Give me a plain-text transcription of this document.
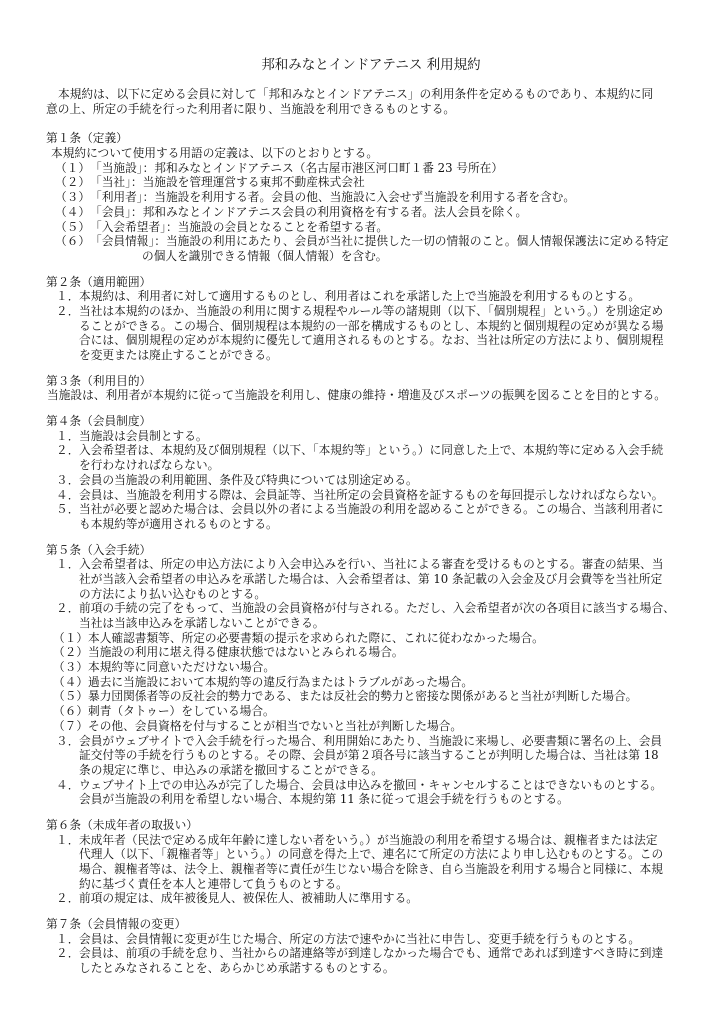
邦和みなとインドアテニス 利用規約
本規約は、以下に定める会員に対して「邦和みなとインドアテニス」の利用条件を定めるものであり、本規約に同
意の上、所定の手続を行った利用者に限り、当施設を利用できるものとする。
第１条（定義）
本規約について使用する用語の定義は、以下のとおりとする。
（１）「当施設」：邦和みなとインドアテニス（名古屋市港区河口町１番 23 号所在）
（２）「当社」：当施設を管理運営する東邦不動産株式会社
（３）「利用者」：当施設を利用する者。会員の他、当施設に入会せず当施設を利用する者を含む。
（４）「会員」：邦和みなとインドアテニス会員の利用資格を有する者。法人会員を除く。
（５）「入会希望者」：当施設の会員となることを希望する者。
（６）「会員情報」：当施設の利用にあたり、会員が当社に提供した一切の情報のこと。個人情報保護法に定める特定
の個人を識別できる情報（個人情報）を含む。
第２条（適用範囲）
１．本規約は、利用者に対して適用するものとし、利用者はこれを承諾した上で当施設を利用するものとする。
２．当社は本規約のほか、当施設の利用に関する規程やルール等の諸規則（以下、「個別規程」という。）を別途定め
ることができる。この場合、個別規程は本規約の一部を構成するものとし、本規約と個別規程の定めが異なる場
合には、個別規程の定めが本規約に優先して適用されるものとする。なお、当社は所定の方法により、個別規程
を変更または廃止することができる。
第３条（利用目的）
当施設は、利用者が本規約に従って当施設を利用し、健康の維持・増進及びスポーツの振興を図ることを目的とする。
第４条（会員制度）
１．当施設は会員制とする。
２．入会希望者は、本規約及び個別規程（以下、「本規約等」という。）に同意した上で、本規約等に定める入会手続
を行わなければならない。
３．会員の当施設の利用範囲、条件及び特典については別途定める。
４．会員は、当施設を利用する際は、会員証等、当社所定の会員資格を証するものを毎回提示しなければならない。
５．当社が必要と認めた場合は、会員以外の者による当施設の利用を認めることができる。この場合、当該利用者に
も本規約等が適用されるものとする。
第５条（入会手続）
１．入会希望者は、所定の申込方法により入会申込みを行い、当社による審査を受けるものとする。審査の結果、当
社が当該入会希望者の申込みを承諾した場合は、入会希望者は、第 10 条記載の入会金及び月会費等を当社所定
の方法により払い込むものとする。
２．前項の手続の完了をもって、当施設の会員資格が付与される。ただし、入会希望者が次の各項目に該当する場合、
当社は当該申込みを承諾しないことができる。
（１）本人確認書類等、所定の必要書類の提示を求められた際に、これに従わなかった場合。
（２）当施設の利用に堪え得る健康状態ではないとみられる場合。
（３）本規約等に同意いただけない場合。
（４）過去に当施設において本規約等の違反行為またはトラブルがあった場合。
（５）暴力団関係者等の反社会的勢力である、または反社会的勢力と密接な関係があると当社が判断した場合。
（６）刺青（タトゥー）をしている場合。
（７）その他、会員資格を付与することが相当でないと当社が判断した場合。
３．会員がウェブサイトで入会手続を行った場合、利用開始にあたり、当施設に来場し、必要書類に署名の上、会員
証交付等の手続を行うものとする。その際、会員が第２項各号に該当することが判明した場合は、当社は第 18
条の規定に準じ、申込みの承諾を撤回することができる。
４．ウェブサイト上での申込みが完了した場合、会員は申込みを撤回・キャンセルすることはできないものとする。
会員が当施設の利用を希望しない場合、本規約第 11 条に従って退会手続を行うものとする。
第６条（未成年者の取扱い）
１．未成年者（民法で定める成年年齢に達しない者をいう。）が当施設の利用を希望する場合は、親権者または法定
代理人（以下、「親権者等」という。）の同意を得た上で、連名にて所定の方法により申し込むものとする。この
場合、親権者等は、法令上、親権者等に責任が生じない場合を除き、自ら当施設を利用する場合と同様に、本規
約に基づく責任を本人と連帯して負うものとする。
２．前項の規定は、成年被後見人、被保佐人、被補助人に準用する。
第７条（会員情報の変更）
１．会員は、会員情報に変更が生じた場合、所定の方法で速やかに当社に申告し、変更手続を行うものとする。
２．会員は、前項の手続を怠り、当社からの諸連絡等が到達しなかった場合でも、通常であれば到達すべき時に到達
したとみなされることを、あらかじめ承諾するものとする。
